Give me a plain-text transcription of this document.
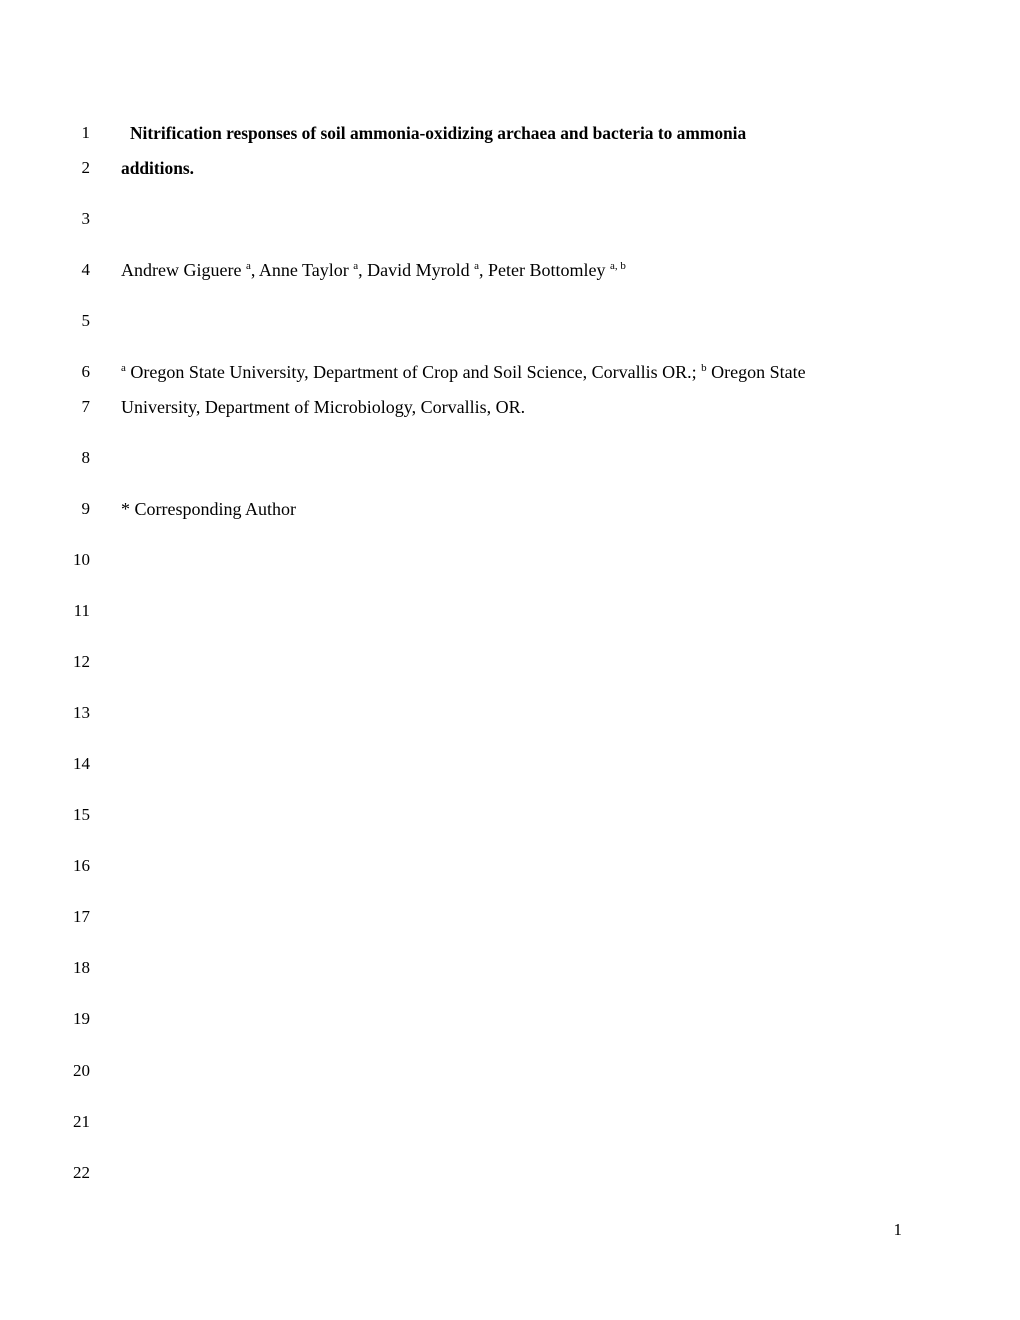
1
2
3
4
5
6
7
8
9
10
11
12
13
14
15
16
17
18
19
20
21
22
Nitrification responses of soil ammonia-oxidizing archaea and bacteria to ammonia
additions.
Andrew Giguere $^a$, Anne Taylor $^a$, David Myrold $^a$, Peter Bottomley $^{a, b}$
$^a$ Oregon State University, Department of Crop and Soil Science, Corvallis OR.; $^b$ Oregon State
University, Department of Microbiology, Corvallis, OR.
* Corresponding Author
1
